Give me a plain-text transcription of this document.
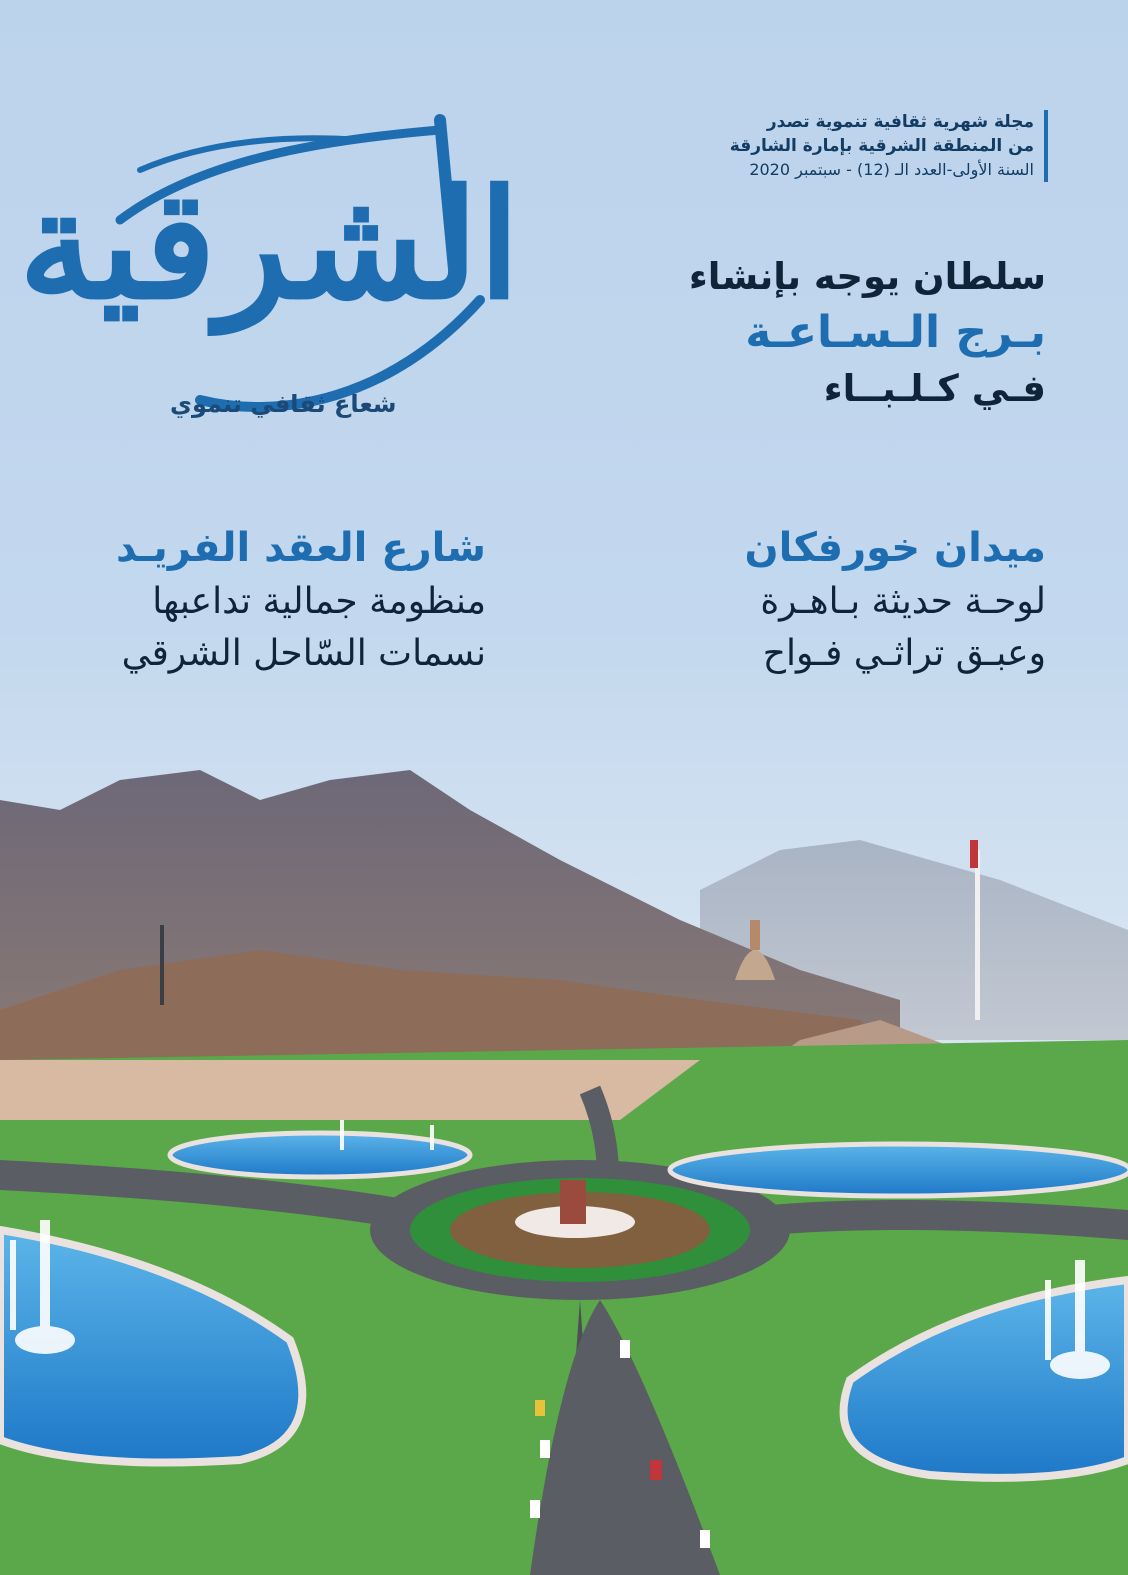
الشرقية
شعاع ثقافي تنموي
مجلة شهرية ثقافية تنموية تصدر
من المنطقة الشرقية بإمارة الشارقة
السنة الأولى-العدد الـ (12) - سبتمبر 2020
سلطان يوجه بإنشاء
بـرج الـسـاعـة
فـي كـلـبــاء
ميدان خورفكان
لوحـة حديثة بـاهـرة
وعبـق تراثـي فـواح
شارع العقد الفريـد
منظومة جمالية تداعبها
نسمات السّاحل الشرقي
